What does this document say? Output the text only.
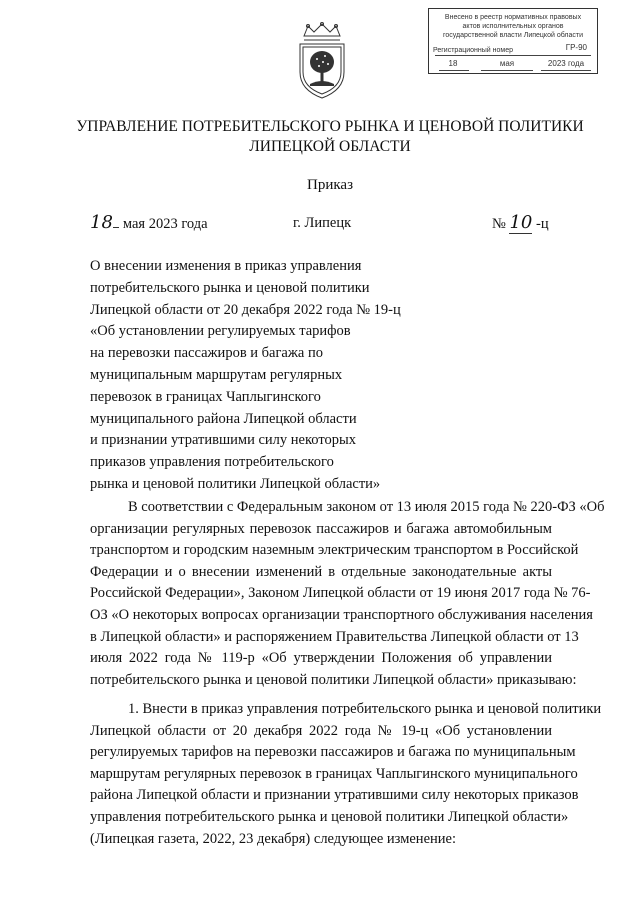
Внесено в реестр нормативных правовых
актов исполнительных органов
государственной власти Липецкой области
Регистрационный номер	ГР-90
18	мая	2023 года
УПРАВЛЕНИЕ ПОТРЕБИТЕЛЬСКОГО РЫНКА И ЦЕНОВОЙ ПОЛИТИКИ
ЛИПЕЦКОЙ ОБЛАСТИ
Приказ
18 мая 2023 года	г. Липецк	№ 10 -ц
О внесении изменения в приказ управления
потребительского рынка и ценовой политики
Липецкой области от 20 декабря 2022 года № 19-ц
«Об установлении регулируемых тарифов
на перевозки пассажиров и багажа по
муниципальным маршрутам регулярных
перевозок в границах Чаплыгинского
муниципального района Липецкой области
и признании утратившими силу некоторых
приказов управления потребительского
рынка и ценовой политики Липецкой области»
В соответствии с Федеральным законом от 13 июля 2015 года № 220-ФЗ «Об
организации регулярных перевозок пассажиров и багажа автомобильным
транспортом и городским наземным электрическим транспортом в Российской
Федерации и о внесении изменений в отдельные законодательные акты
Российской Федерации», Законом Липецкой области от 19 июня 2017 года № 76-
ОЗ «О некоторых вопросах организации транспортного обслуживания населения
в Липецкой области» и распоряжением Правительства Липецкой области от 13
июля 2022 года № 119-р «Об утверждении Положения об управлении
потребительского рынка и ценовой политики Липецкой области» приказываю:
1. Внести в приказ управления потребительского рынка и ценовой политики
Липецкой области от 20 декабря 2022 года № 19-ц «Об установлении
регулируемых тарифов на перевозки пассажиров и багажа по муниципальным
маршрутам регулярных перевозок в границах Чаплыгинского муниципального
района Липецкой области и признании утратившими силу некоторых приказов
управления потребительского рынка и ценовой политики Липецкой области»
(Липецкая газета, 2022, 23 декабря) следующее изменение:
